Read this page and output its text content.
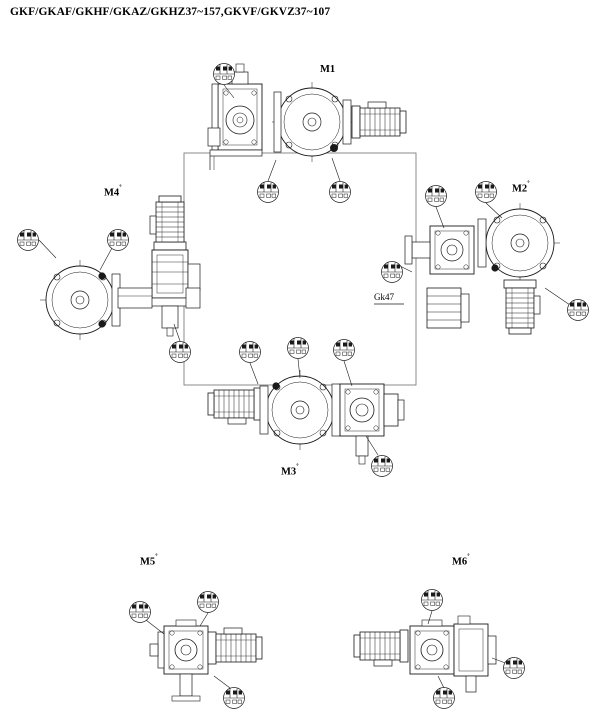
GKF/GKAF/GKHF/GKAZ/GKHZ37~157,GKVF/GKVZ37~107
M1
M2˚
M3˚
M4˚
M5˚	M6˚
Gk47
